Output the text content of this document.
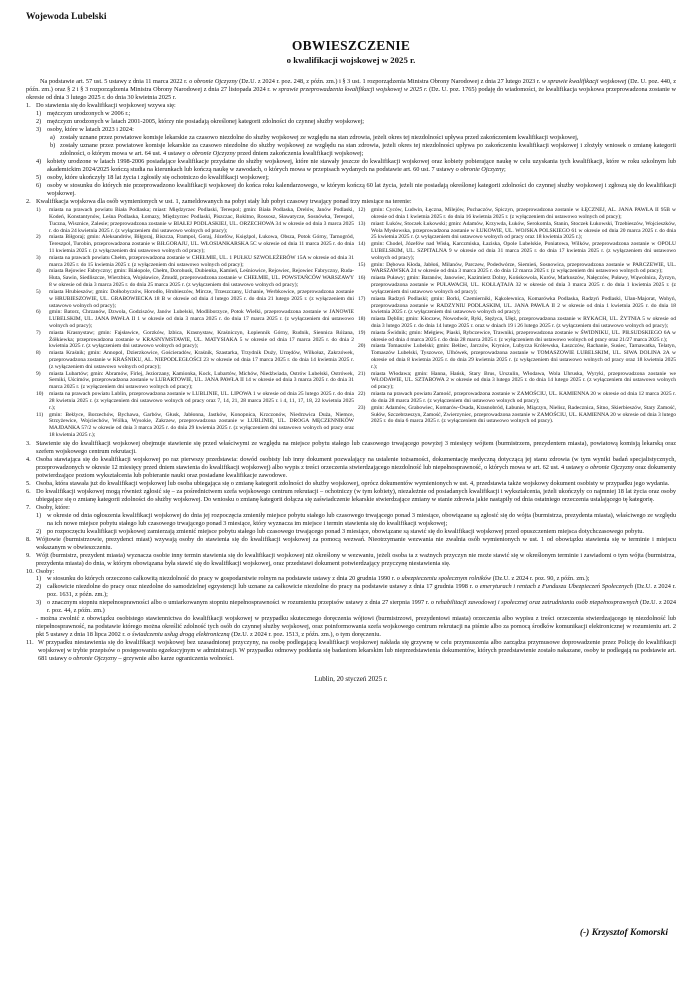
Wojewoda Lubelski
OBWIESZCZENIE
o kwalifikacji wojskowej w 2025 r.

Na podstawie art. 57 ust. 5 ustawy z dnia 11 marca 2022 r. o obronie Ojczyzny (Dz.U. z 2024 r. poz. 248, z późn. zm.) i § 3 ust. 1 rozporządzenia Ministra Obrony Narodowej z dnia 27 lutego 2023 r. w sprawie kwalifikacji wojskowej (Dz. U. poz. 440, z późn. zm.) oraz § 2 i § 3 rozporządzenia Ministra Obrony Narodowej z dnia 27 listopada 2024 r. w sprawie przeprowadzenia kwalifikacji wojskowej w 2025 r. (Dz. U. poz. 1765) podaję do wiadomości, że kwalifikacja wojskowa przeprowadzona zostanie w okresie od dnia 3 lutego 2025 r. do dnia 30 kwietnia 2025 r.

1. Do stawienia się do kwalifikacji wojskowej wzywa się:
1) mężczyzn urodzonych w 2006 r.;
2) mężczyzn urodzonych w latach 2001-2005, którzy nie posiadają określonej kategorii zdolności do czynnej służby wojskowej;
3) osoby, które w latach 2023 i 2024:
a) zostały uznane przez powiatowe komisje lekarskie za czasowo niezdolne do służby wojskowej ze względu na stan zdrowia, jeżeli okres tej niezdolności upływa przed zakończeniem kwalifikacji wojskowej,
b) zostały uznane przez powiatowe komisje lekarskie za czasowo niezdolne do służby wojskowej ze względu na stan zdrowia, jeżeli okres tej niezdolności upływa po zakończeniu kwalifikacji wojskowej i złożyły wniosek o zmianę kategorii zdolności, o którym mowa w art. 64 ust. 4 ustawy o obronie Ojczyzny przed dniem zakończenia kwalifikacji wojskowej;
4) kobiety urodzone w latach 1998-2006 posiadające kwalifikacje przydatne do służby wojskowej, które nie stawały jeszcze do kwalifikacji wojskowej oraz kobiety pobierające naukę w celu uzyskania tych kwalifikacji, które w roku szkolnym lub akademickim 2024/2025 kończą studia na kierunkach lub kończą naukę w zawodach, o których mowa w przepisach wydanych na podstawie art. 60 ust. 7 ustawy o obronie Ojczyzny;
5) osoby, które ukończyły 18 lat życia i zgłosiły się ochotniczo do kwalifikacji wojskowej;
6) osoby w stosunku do których nie przeprowadzono kwalifikacji wojskowej do końca roku kalendarzowego, w którym kończą 60 lat życia, jeżeli nie posiadają określonej kategorii zdolności do czynnej służby wojskowej i zgłoszą się do kwalifikacji wojskowej.
2. Kwalifikacja wojskowa dla osób wymienionych w ust. 1, zameldowanych na pobyt stały lub pobyt czasowy trwający ponad trzy miesiące na terenie:
1)	miasta na prawach powiatu Biała Podlaska; miast: Międzyrzec Podlaski, Terespol; gmin: Biała Podlaska, Drelów, Janów Podlaski, Kodeń, Konstantynów, Leśna Podlaska, Łomazy, Międzyrzec Podlaski, Piszczac, Rokitno, Rossosz, Sławatycze, Sosnówka, Terespol, Tuczna, Wisznice, Zalesie; przeprowadzona zostanie w BIAŁEJ PODLASKIEJ, UL. ORZECHOWA 34 w okresie od dnia 3 marca 2025 r. do dnia 24 kwietnia 2025 r. (z wyłączeniem dni ustawowo wolnych od pracy);
2)	miasta Biłgoraj; gmin: Aleksandrów, Biłgoraj, Biszcza, Frampol, Goraj, Józefów, Księżpol, Łukowa, Obsza, Potok Górny, Tarnogród, Tereszpol, Turobin, przeprowadzona zostanie w BIŁGORAJU, UL. WŁOSIANKARSKA 5C w okresie od dnia 11 marca 2025 r. do dnia 11 kwietnia 2025 r. (z wyłączeniem dni ustawowo wolnych od pracy);
3)	miasta na prawach powiatu Chełm, przeprowadzona zostanie w CHEŁMIE, UL. 1 PUŁKU SZWOLEŻERÓW 15A w okresie od dnia 31 marca 2025 r. do 15 kwietnia 2025 r. (z wyłączeniem dni ustawowo wolnych od pracy);
4)	miasta Rejowiec Fabryczny; gmin: Białopole, Chełm, Dorohusk, Dubienka, Kamień, Leśniowice, Rejowiec, Rejowiec Fabryczny, Ruda-Huta, Sawin, Siedliszcze, Wierzbica, Wojsławice, Żmudź, przeprowadzona zostanie w CHEŁMIE, UL. POWSTAŃCÓW WARSZAWY 8 w okresie od dnia 3 marca 2025 r. do dnia 25 marca 2025 r. (z wyłączeniem dni ustawowo wolnych od pracy);
5)	miasta Hrubieszów; gmin: Dołhobyczów, Horodło, Hrubieszów, Mircze, Trzeszczany, Uchanie, Werbkowice, przeprowadzona zostanie w HRUBIESZOWIE, UL. GRABOWIECKA 18 B w okresie od dnia 4 lutego 2025 r. do dnia 21 lutego 2025 r. (z wyłączeniem dni ustawowo wolnych od pracy);
6)	gmin: Batorz, Chrzanów, Dzwola, Godziszów, Janów Lubelski, Modliborzyce, Potok Wielki, przeprowadzona zostanie w JANOWIE LUBELSKIM, UL. JANA PAWŁA II 1 w okresie od dnia 3 marca 2025 r. do dnia 17 marca 2025 r. (z wyłączeniem dni ustawowo wolnych od pracy);
7)	miasta Krasnystaw; gmin: Fajsławice, Gorzków, Izbica, Krasnystaw, Kraśniczyn, Łopiennik Górny, Rudnik, Siennica Różana, Żółkiewka; przeprowadzona zostanie w KRASNYMSTAWIE, UL. MATYSIAKA 5 w okresie od dnia 17 marca 2025 r. do dnia 2 kwietnia 2025 r. (z wyłączeniem dni ustawowo wolnych od pracy);
8)	miasta Kraśnik; gmin: Annopol, Dzierzkowice, Gościeradów, Kraśnik, Szastarka, Trzydnik Duży, Urzędów, Wilkołaz, Zakrzówek, przeprowadzona zostanie w KRAŚNIKU, AL. NIEPODLEGŁOŚCI 23 w okresie od dnia 17 marca 2025 r. do dnia 14 kwietnia 2025 r. (z wyłączeniem dni ustawowo wolnych od pracy);
9)	miasta Lubartów; gmin: Abramów, Firlej, Jeziorzany, Kamionka, Kock, Lubartów, Michów, Niedźwiada, Ostrów Lubelski, Ostrówek, Serniki, Uścimów, przeprowadzona zostanie w LUBARTOWIE, UL. JANA PAWŁA II 14 w okresie od dnia 3 marca 2025 r. do dnia 31 marca 2025 r. (z wyłączeniem dni ustawowo wolnych od pracy);
10)	miasta na prawach powiatu Lublin, przeprowadzona zostanie w LUBLINIE, UL. LIPOWA 1 w okresie od dnia 25 lutego 2025 r. do dnia 28 kwietnia 2025 r. (z wyłączeniem dni ustawowo wolnych od pracy oraz 7, 14, 21, 28 marca 2025 r. i 4, 11, 17, 18, 22 kwietnia 2025 r.);
11)	gmin: Bełżyce, Borzechów, Bychawa, Garbów, Głusk, Jabłonna, Jastków, Konopnica, Krzczonów, Niedrzwica Duża, Niemce, Strzyżewice, Wojciechów, Wólka, Wysokie, Zakrzew, przeprowadzona zostanie w LUBLINIE, UL. DROGA MĘCZENNIKÓW MAJDANKA 57/2 w okresie od dnia 3 marca 2025 r. do dnia 29 kwietnia 2025 r. (z wyłączeniem dni ustawowo wolnych od pracy oraz 18 kwietnia 2025 r.);
12)	gmin: Cyców, Ludwin, Łęczna, Milejów, Puchaczów, Spiczyn, przeprowadzona zostanie w ŁĘCZNEJ, AL. JANA PAWŁA II 95B w okresie od dnia 1 kwietnia 2025 r. do dnia 16 kwietnia 2025 r. (z wyłączeniem dni ustawowo wolnych od pracy);
13)	miast: Łuków, Stoczek Łukowski; gmin: Adamów, Krzywda, Łuków, Serokomla, Stanin, Stoczek Łukowski, Trzebieszów, Wojcieszków, Wola Mysłowska, przeprowadzona zostanie w ŁUKOWIE, UL. WOJSKA POLSKIEGO 61 w okresie od dnia 20 marca 2025 r. do dnia 25 kwietnia 2025 r. (z wyłączeniem dni ustawowo wolnych od pracy oraz 18 kwietnia 2025 r.);
14)	gmin: Chodel, Józefów nad Wisłą, Karczmiska, Łaziska, Opole Lubelskie, Poniatowa, Wilków, przeprowadzona zostanie w OPOLU LUBELSKIM, UL. SZPITALNA 9 w okresie od dnia 31 marca 2025 r. do dnia 17 kwietnia 2025 r. (z wyłączeniem dni ustawowo wolnych od pracy);
15)	gmin: Dębowa Kłoda, Jabłoń, Milanów, Parczew, Podedwórze, Siemień, Sosnowica, przeprowadzona zostanie w PARCZEWIE, UL. WARSZAWSKA 24 w okresie od dnia 3 marca 2025 r. do dnia 12 marca 2025 r. (z wyłączeniem dni ustawowo wolnych od pracy);
16)	miasta Puławy; gmin: Baranów, Janowiec, Kazimierz Dolny, Końskowola, Kurów, Markuszów, Nałęczów, Puławy, Wąwolnica, Żyrzyn, przeprowadzona zostanie w PUŁAWACH, UL. KOŁŁĄTAJA 32 w okresie od dnia 3 marca 2025 r. do dnia 1 kwietnia 2025 r. (z wyłączeniem dni ustawowo wolnych od pracy);
17)	miasta Radzyń Podlaski; gmin: Borki, Czemierniki, Kąkolewnica, Komarówka Podlaska, Radzyń Podlaski, Ulan-Majorat, Wohyń, przeprowadzona zostanie w RADZYNIU PODLASKIM, UL. JANA PAWŁA II 2 w okresie od dnia 1 kwietnia 2025 r. do dnia 18 kwietnia 2025 r. (z wyłączeniem dni ustawowo wolnych od pracy);
18)	miasta Dęblin; gmin: Kłoczew, Nowodwór, Ryki, Stężyca, Ułęż, przeprowadzona zostanie w RYKACH, UL. ŻYTNIA 5 w okresie od dnia 3 lutego 2025 r. do dnia 14 lutego 2025 r. oraz w dniach 19 i 26 lutego 2025 r. (z wyłączeniem dni ustawowo wolnych od pracy);
19)	miasta Świdnik; gmin: Mełgiew, Piaski, Rybczewice, Trawniki, przeprowadzona zostanie w ŚWIDNIKU, UL. PIŁSUDSKIEGO 6A w okresie od dnia 4 marca 2025 r. do dnia 28 marca 2025 r. (z wyłączeniem dni ustawowo wolnych od pracy oraz 21/27 marca 2025 r.);
20)	miasta Tomaszów Lubelski; gmin: Bełżec, Jarczów, Krynice, Lubycza Królewska, Łaszczów, Rachanie, Susiec, Tarnawatka, Telatyn, Tomaszów Lubelski, Tyszowce, Ulhówek, przeprowadzona zostanie w TOMASZOWIE LUBELSKIM, UL. SIWA DOLINA 2A w okresie od dnia 8 kwietnia 2025 r. do dnia 29 kwietnia 2025 r. (z wyłączeniem dni ustawowo wolnych od pracy oraz 18 kwietnia 2025 r.);
21)	miasta Włodawa; gmin: Hanna, Hańsk, Stary Brus, Urszulin, Włodawa, Wola Uhruska, Wyryki, przeprowadzona zostanie we WŁODAWIE, UL. SZTABOWA 2 w okresie od dnia 3 lutego 2025 r. do dnia 14 lutego 2025 r. (z wyłączeniem dni ustawowo wolnych od pracy);
22)	miasta na prawach powiatu Zamość, przeprowadzona zostanie w ZAMOŚCIU, UL. KAMIENNA 20 w okresie od dnia 12 marca 2025 r. do dnia 28 marca 2025 r. (z wyłączeniem dni ustawowo wolnych od pracy);
23)	gmin: Adamów, Grabowiec, Komarów-Osada, Krasnobród, Łabunie, Miączyn, Nielisz, Radecznica, Sitno, Skierbieszów, Stary Zamość, Sułów, Szczebrzeszyn, Zamość, Zwierzyniec, przeprowadzona zostanie w ZAMOŚCIU, UL. KAMIENNA 20 w okresie od dnia 3 lutego 2025 r. do dnia 6 marca 2025 r. (z wyłączeniem dni ustawowo wolnych od pracy).
3. Stawienie się do kwalifikacji wojskowej obejmuje stawienie się przed właściwymi ze względu na miejsce pobytu stałego lub czasowego trwającego powyżej 3 miesięcy wójtem (burmistrzem, prezydentem miasta), powiatową komisją lekarską oraz szefem wojskowego centrum rekrutacji.
4. Osoba stawiająca się do kwalifikacji wojskowej po raz pierwszy przedstawia: dowód osobisty lub inny dokument pozwalający na ustalenie tożsamości, dokumentację medyczną dotyczącą jej stanu zdrowia (w tym wyniki badań specjalistycznych, przeprowadzonych w okresie 12 miesięcy przed dniem stawienia do kwalifikacji wojskowej) albo wypis z treści orzeczenia stwierdzającego niezdolność lub niepełnosprawność, o których mowa w art. 62 ust. 4 ustawy o obronie Ojczyzny oraz dokumenty potwierdzające poziom wykształcenia lub pobieranie nauki oraz posiadane kwalifikacje zawodowe.
5. Osoba, która stawała już do kwalifikacji wojskowej lub osoba ubiegająca się o zmianę kategorii zdolności do służby wojskowej, oprócz dokumentów wymienionych w ust. 4, przedstawia także wojskowy dokument osobisty w przypadku jego wydania.
6. Do kwalifikacji wojskowej mogą również zgłosić się – za pośrednictwem szefa wojskowego centrum rekrutacji – ochotniczy (w tym kobiety), niezależnie od posiadanych kwalifikacji i wykształcenia, jeżeli ukończyły co najmniej 18 lat życia oraz osoby ubiegające się o zmianę kategorii zdolności do służby wojskowej. Do wniosku o zmianę kategorii dołącza się zaświadczenie lekarskie stwierdzające zmiany w stanie zdrowia jakie nastąpiły od dnia ostatniego orzeczenia ustalającego tę kategorię.
7. Osoby, które:
1) w okresie od dnia ogłoszenia kwalifikacji wojskowej do dnia jej rozpoczęcia zmieniły miejsce pobytu stałego lub czasowego trwającego ponad 3 miesiące, obowiązane są zgłosić się do wójta (burmistrza, prezydenta miasta), właściwego ze względu na ich nowe miejsce pobytu stałego lub czasowego trwającego ponad 3 miesiące, który wyznacza im miejsce i termin stawienia się do kwalifikacji wojskowej;
2) po rozpoczęciu kwalifikacji wojskowej zamierzają zmienić miejsce pobytu stałego lub czasowego trwającego ponad 3 miesiące, obowiązane są stawić się do kwalifikacji wojskowej przed opuszczeniem miejsca dotychczasowego pobytu.
8. Wójtowie (burmistrzowie, prezydenci miast) wzywają osoby do stawienia się do kwalifikacji wojskowej za pomocą wezwań. Nieotrzymanie wezwania nie zwalnia osób wymienionych w ust. 1 od obowiązku stawienia się w terminie i miejscu wskazanym w obwieszczeniu.
9. Wójt (burmistrz, prezydent miasta) wyznacza osobie inny termin stawienia się do kwalifikacji wojskowej niż określony w wezwaniu, jeżeli osoba ta z ważnych przyczyn nie może stawić się w określonym terminie i zawiadomi o tym wójta (burmistrza, prezydenta miasta) do dnia, w którym obowiązana była stawić się do kwalifikacji wojskowej, oraz przedstawi dokument potwierdzający przyczynę niestawienia się.
10. Osoby:
1) w stosunku do których orzeczono całkowitą niezdolność do pracy w gospodarstwie rolnym na podstawie ustawy z dnia 20 grudnia 1990 r. o ubezpieczeniu społecznym rolników (Dz.U. z 2024 r. poz. 90, z późn. zm.);
2) całkowicie niezdolne do pracy oraz niezdolne do samodzielnej egzystencji lub uznane za całkowicie niezdolne do pracy na podstawie ustawy z dnia 17 grudnia 1998 r. o emeryturach i rentach z Funduszu Ubezpieczeń Społecznych (Dz.U. z 2024 r. poz. 1631, z późn. zm.);
3) o znacznym stopniu niepełnosprawności albo o umiarkowanym stopniu niepełnosprawności w rozumieniu przepisów ustawy z dnia 27 sierpnia 1997 r. o rehabilitacji zawodowej i społecznej oraz zatrudnianiu osób niepełnosprawnych (Dz.U. z 2024 r. poz. 44, z późn. zm.)

- można zwolnić z obowiązku osobistego stawiennictwa do kwalifikacji wojskowej w przypadku skutecznego doręczenia wójtowi (burmistrzowi, prezydentowi miasta) orzeczenia albo wypisu z treści orzeczenia stwierdzającego tę niezdolność lub niepełnosprawność, na podstawie którego można określić zdolność tych osób do czynnej służby wojskowej, oraz poinformowania szefa wojskowego centrum rekrutacji na piśmie albo za pomocą środków komunikacji elektronicznej w rozumieniu art. 2 pkt 5 ustawy z dnia 18 lipca 2002 r. o świadczeniu usług drogą elektroniczną (Dz.U. z 2024 r. poz. 1513, z późn. zm.), o tym doręczeniu.

11. W przypadku niestawienia się do kwalifikacji wojskowej bez uzasadnionej przyczyny, na osobę podlegającą kwalifikacji wojskowej nakłada się grzywnę w celu przymuszenia albo zarządza przymusowe doprowadzenie przez Policję do kwalifikacji wojskowej w trybie przepisów o postępowaniu egzekucyjnym w administracji. W przypadku odmowy poddania się badaniom lekarskim lub nieprzedstawienia dokumentów, których przedstawienie zostało nakazane, osoby te podlegają na podstawie art. 681 ustawy o obronie Ojczyzny – grzywnie albo karze ograniczenia wolności.
Lublin, 20 styczeń 2025 r.
(-) Krzysztof Komorski
